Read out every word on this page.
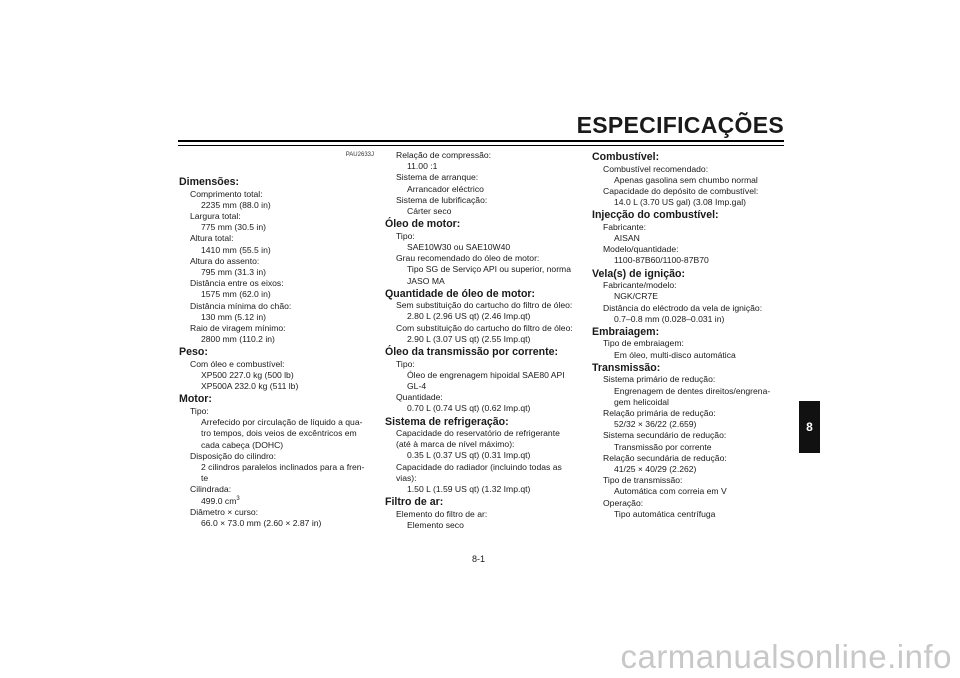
ESPECIFICAÇÕES
PAU2633J
Dimensões:
Comprimento total:
2235 mm (88.0 in)
Largura total:
775 mm (30.5 in)
Altura total:
1410 mm (55.5 in)
Altura do assento:
795 mm (31.3 in)
Distância entre os eixos:
1575 mm (62.0 in)
Distância mínima do chão:
130 mm (5.12 in)
Raio de viragem mínimo:
2800 mm (110.2 in)
Peso:
Com óleo e combustível:
XP500 227.0 kg (500 lb)
XP500A 232.0 kg (511 lb)
Motor:
Tipo:
Arrefecido por circulação de líquido a qua-
tro tempos, dois veios de excêntricos em
cada cabeça (DOHC)
Disposição do cilindro:
2 cilindros paralelos inclinados para a fren-
te
Cilindrada:
499.0 $cm^3$
Diâmetro × curso:
66.0 × 73.0 mm (2.60 × 2.87 in)
Relação de compressão:
11.00 :1
Sistema de arranque:
Arrancador eléctrico
Sistema de lubrificação:
Cárter seco
Óleo de motor:
Tipo:
SAE10W30 ou SAE10W40
Grau recomendado do óleo de motor:
Tipo SG de Serviço API ou superior, norma
JASO MA
Quantidade de óleo de motor:
Sem substituição do cartucho do filtro de óleo:
2.80 L (2.96 US qt) (2.46 Imp.qt)
Com substituição do cartucho do filtro de óleo:
2.90 L (3.07 US qt) (2.55 Imp.qt)
Óleo da transmissão por corrente:
Tipo:
Óleo de engrenagem hipoidal SAE80 API
GL-4
Quantidade:
0.70 L (0.74 US qt) (0.62 Imp.qt)
Sistema de refrigeração:
Capacidade do reservatório de refrigerante
(até à marca de nível máximo):
0.35 L (0.37 US qt) (0.31 Imp.qt)
Capacidade do radiador (incluindo todas as
vias):
1.50 L (1.59 US qt) (1.32 Imp.qt)
Filtro de ar:
Elemento do filtro de ar:
Elemento seco
Combustível:
Combustível recomendado:
Apenas gasolina sem chumbo normal
Capacidade do depósito de combustível:
14.0 L (3.70 US gal) (3.08 Imp.gal)
Injecção do combustível:
Fabricante:
AISAN
Modelo/quantidade:
1100-87B60/1100-87B70
Vela(s) de ignição:
Fabricante/modelo:
NGK/CR7E
Distância do eléctrodo da vela de ignição:
0.7–0.8 mm (0.028–0.031 in)
Embraiagem:
Tipo de embraiagem:
Em óleo, multi-disco automática
Transmissão:
Sistema primário de redução:
Engrenagem de dentes direitos/engrena-
gem helicoidal
Relação primária de redução:
52/32 × 36/22 (2.659)
Sistema secundário de redução:
Transmissão por corrente
Relação secundária de redução:
41/25 × 40/29 (2.262)
Tipo de transmissão:
Automática com correia em V
Operação:
Tipo automática centrífuga
8-1
8
carmanualsonline.info
